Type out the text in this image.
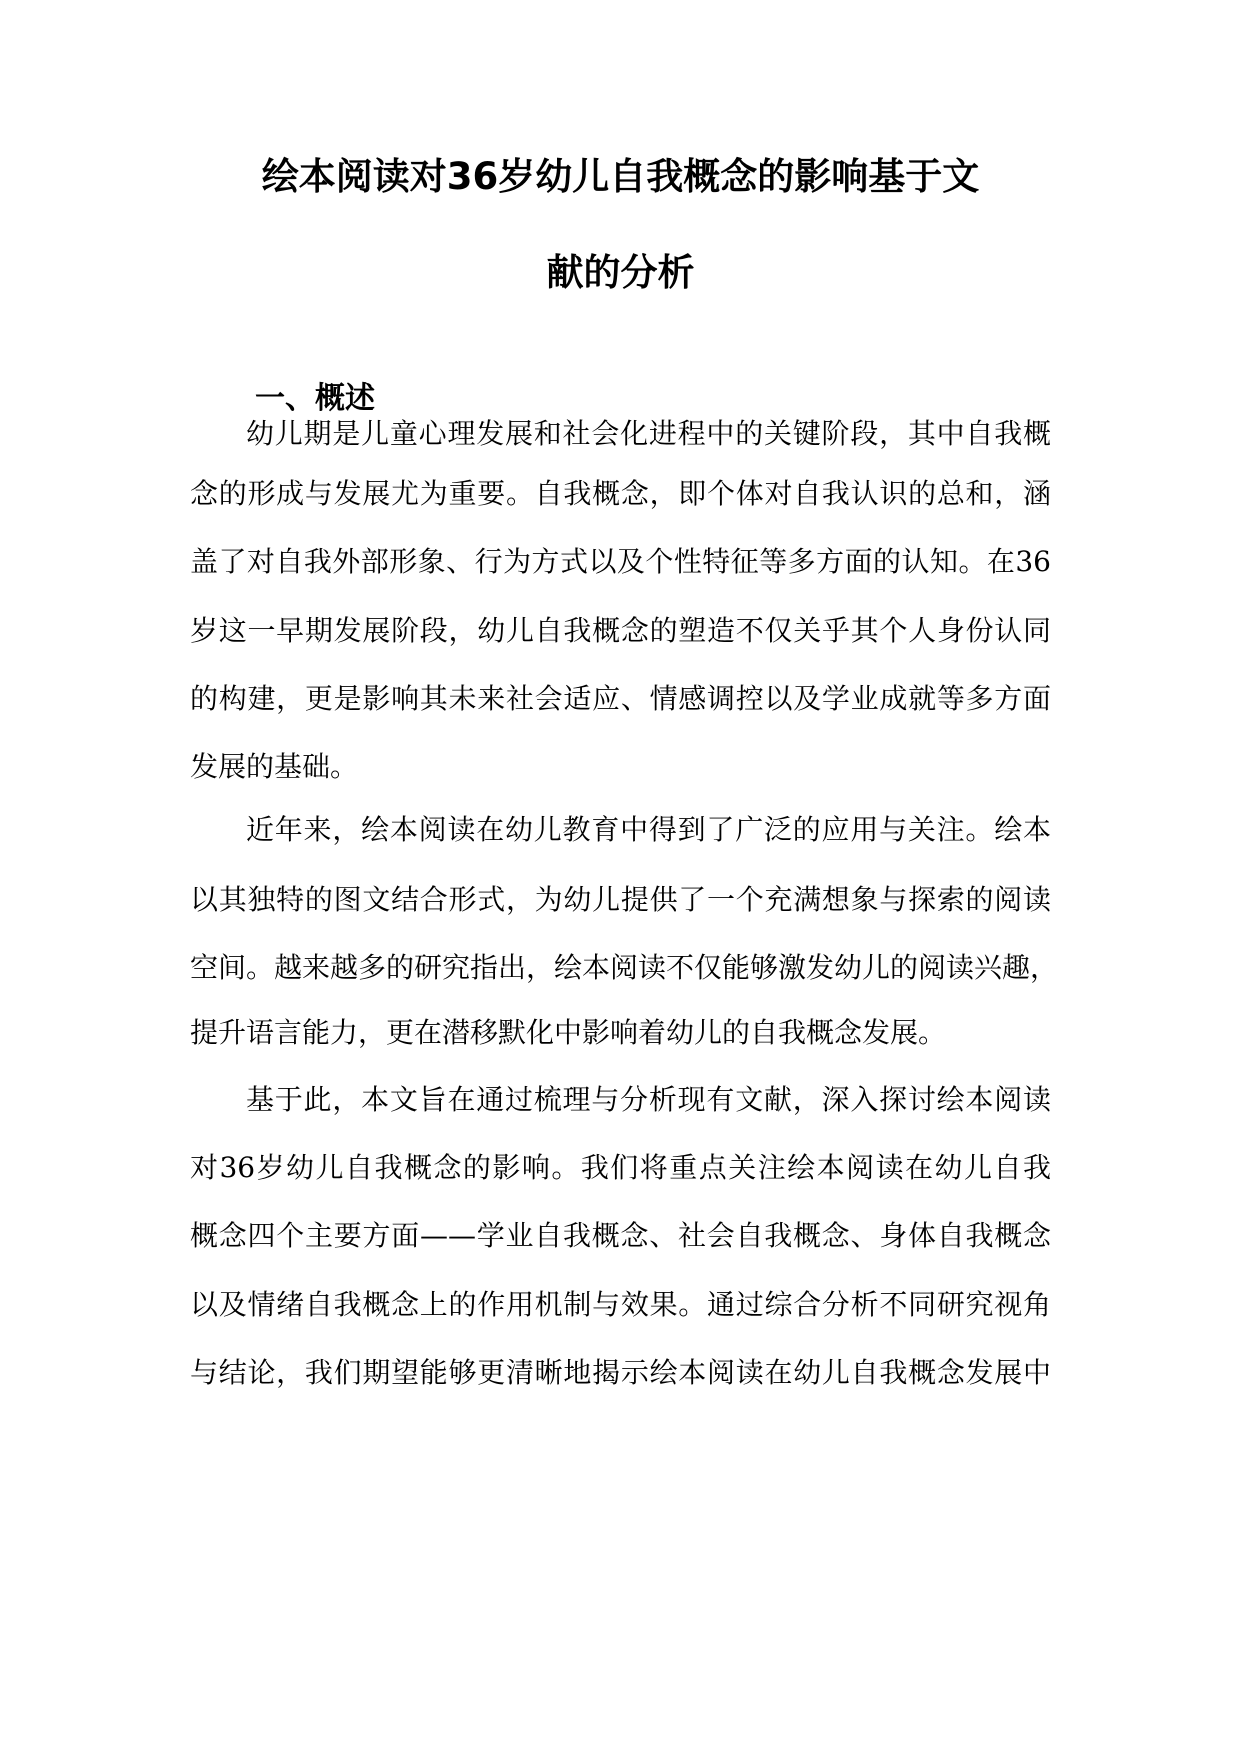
绘本阅读对36岁幼儿自我概念的影响基于文
献的分析
一、概述

幼儿期是儿童心理发展和社会化进程中的关键阶段，其中自我概

念的形成与发展尤为重要。自我概念，即个体对自我认识的总和，涵

盖了对自我外部形象、行为方式以及个性特征等多方面的认知。在36

岁这一早期发展阶段，幼儿自我概念的塑造不仅关乎其个人身份认同

的构建，更是影响其未来社会适应、情感调控以及学业成就等多方面

发展的基础。

近年来，绘本阅读在幼儿教育中得到了广泛的应用与关注。绘本

以其独特的图文结合形式，为幼儿提供了一个充满想象与探索的阅读

空间。越来越多的研究指出，绘本阅读不仅能够激发幼儿的阅读兴趣，

提升语言能力，更在潜移默化中影响着幼儿的自我概念发展。

基于此，本文旨在通过梳理与分析现有文献，深入探讨绘本阅读

对36岁幼儿自我概念的影响。我们将重点关注绘本阅读在幼儿自我

概念四个主要方面——学业自我概念、社会自我概念、身体自我概念

以及情绪自我概念上的作用机制与效果。通过综合分析不同研究视角

与结论，我们期望能够更清晰地揭示绘本阅读在幼儿自我概念发展中
